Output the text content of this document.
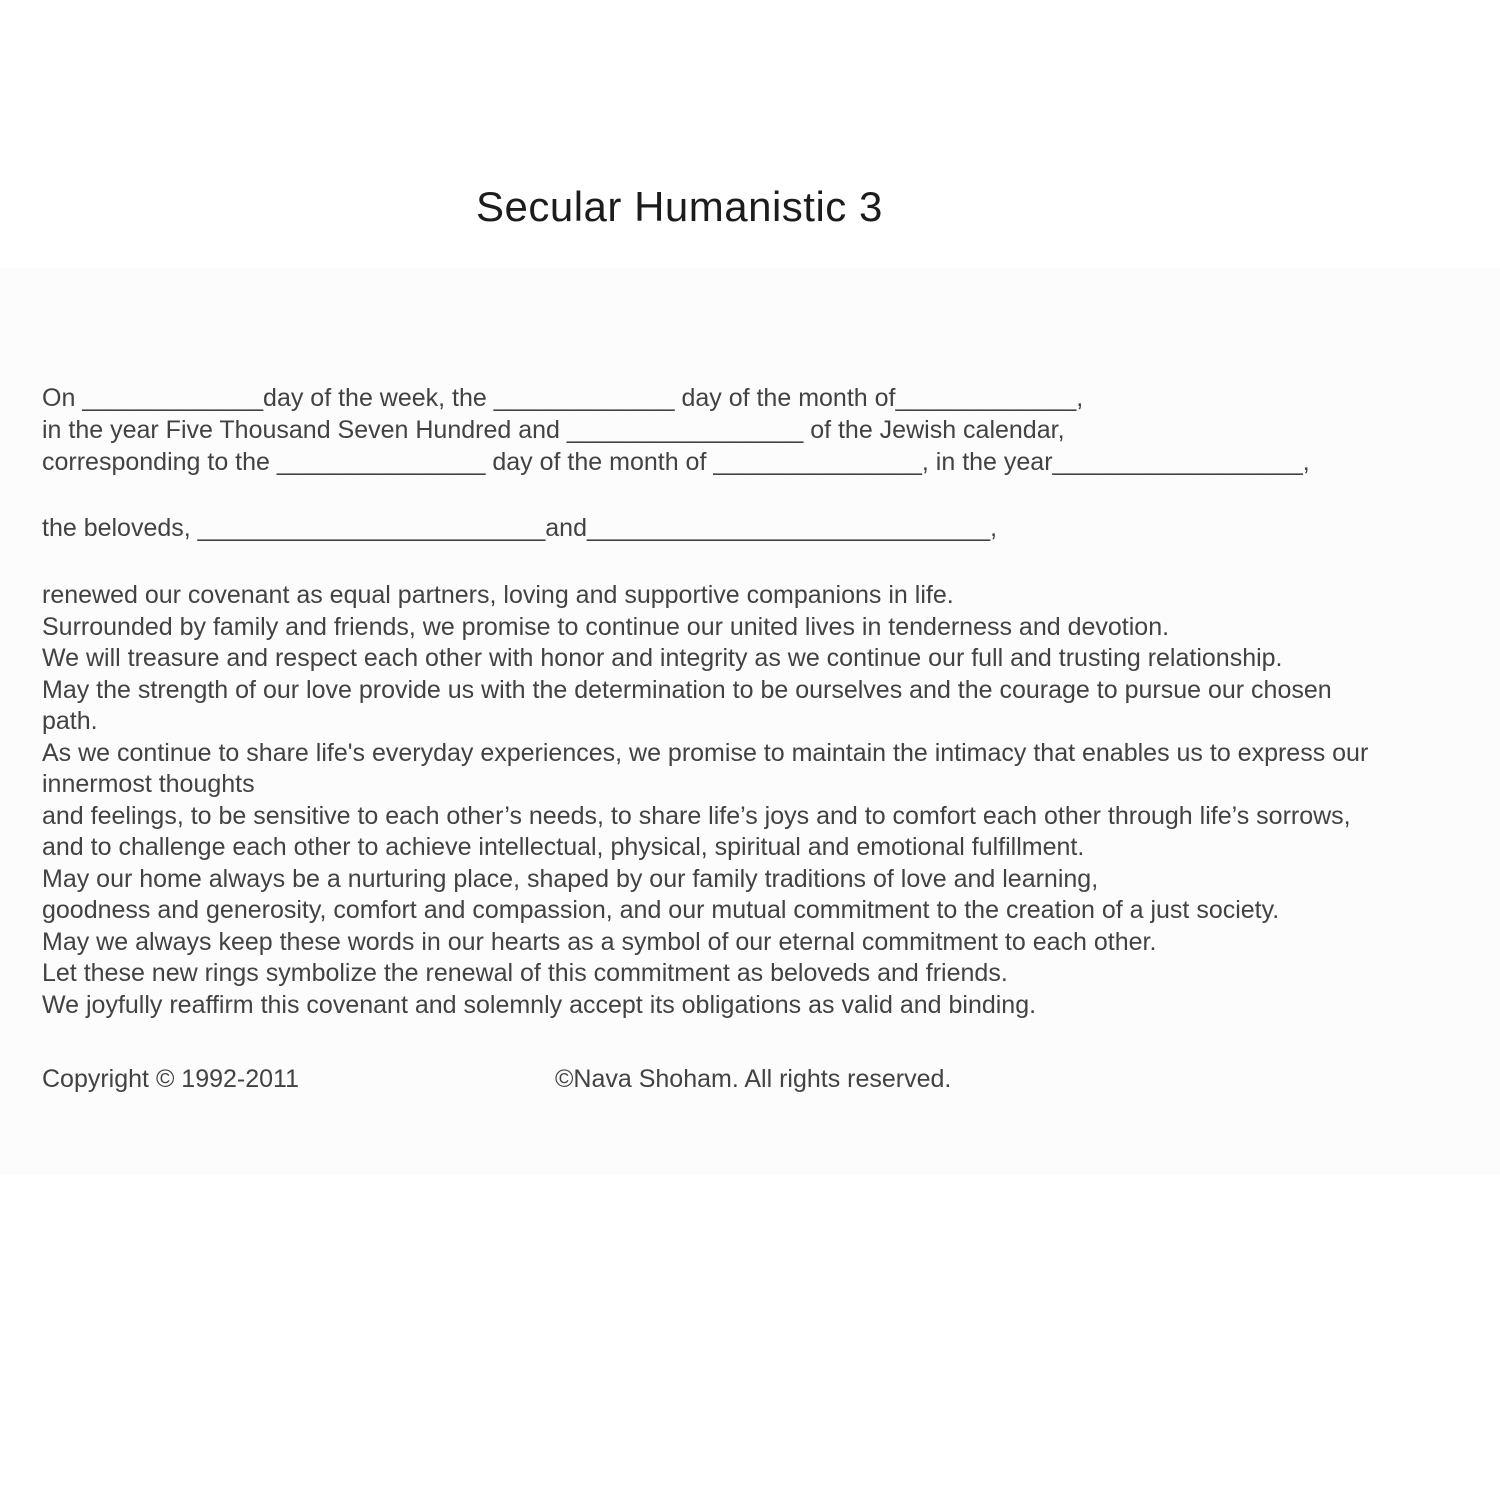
Secular Humanistic 3
On _____________day of the week, the _____________ day of the month of_____________,
in the year Five Thousand Seven Hundred and _________________ of the Jewish calendar,
corresponding to the _______________ day of the month of _______________, in the year__________________,
the beloveds, _________________________and_____________________________,
renewed our covenant as equal partners, loving and supportive companions in life.
Surrounded by family and friends, we promise to continue our united lives in tenderness and devotion.
We will treasure and respect each other with honor and integrity as we continue our full and trusting relationship.
May the strength of our love provide us with the determination to be ourselves and the courage to pursue our chosen
path.
As we continue to share life's everyday experiences, we promise to maintain the intimacy that enables us to express our
innermost thoughts
and feelings, to be sensitive to each other’s needs, to share life’s joys and to comfort each other through life’s sorrows,
and to challenge each other to achieve intellectual, physical, spiritual and emotional fulfillment.
May our home always be a nurturing place, shaped by our family traditions of love and learning,
goodness and generosity, comfort and compassion, and our mutual commitment to the creation of a just society.
May we always keep these words in our hearts as a symbol of our eternal commitment to each other.
Let these new rings symbolize the renewal of this commitment as beloveds and friends.
We joyfully reaffirm this covenant and solemnly accept its obligations as valid and binding.
Copyright © 1992-2011	©Nava Shoham. All rights reserved.
